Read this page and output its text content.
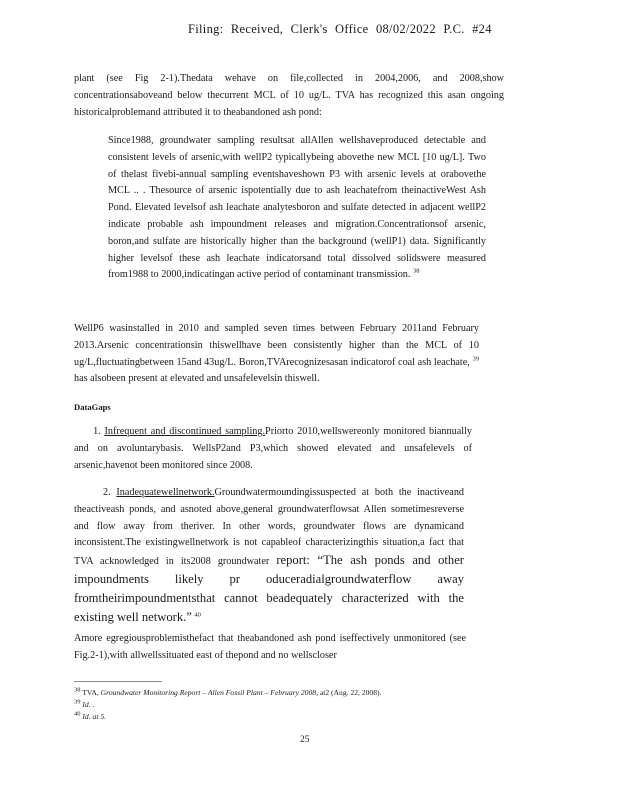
Filing: Received, Clerk's Office 08/02/2022 P.C. #24

plant (see Fig 2-1).Thedata wehave on file,collected in 2004,2006, and 2008,show concentrationsabovеand below thecurrent MCL of 10 ug/L. TVA has recognized this asan ongoing historicalproblemand attributed it to theabandoned ash pond:

Since1988, groundwater sampling resultsat allAllen wellshaveproduced detectable and consistent levels of arsenic,with wellP2 typicallybeing abovethe new MCL [10 ug/L]. Two of thelast fivebi-annual sampling eventshaveshown P3 with arsenic levels at orabovethe MCL .. . Thesource of arsenic ispotentially due to ash leachatefrom theinactiveWest Ash Pond. Elevated levelsof ash leachate analytesboron and sulfate detected in adjacent wellP2 indicate probable ash impoundment releases and migration.Concentrationsof arsenic, boron,and sulfate are historically higher than the background (wellP1) data. Significantly higher levelsof these ash leachate indicatorsand total dissolved solidswere measured from1988 to 2000,indicatingan active period of contaminant transmission. $^{38}$

WellP6 wasinstalled in 2010 and sampled seven times between February 2011and February 2013.Arsenic concentrationsin thiswellhave been consistently higher than the MCL of 10 ug/L,fluctuatingbetween 15and 43ug/L. Boron,TVArecognizesasan indicatorof coal ash leachate, $^{39}$ has alsobeen present at elevated and unsafelevelsin thiswell.

DataGaps

1. Infrequent and discontinued sampling.Priorto 2010,wellswereonly monitored biannually and on avoluntarybasis. WellsP2and P3,which showed elevated and unsafelevels of arsenic,havenot been monitored since 2008.

2. Inadequatewellnetwork.Groundwatermoundingissuspected at both the inactiveand theactiveash ponds, and asnoted above,general groundwaterflowsat Allen sometimesreverse and flow away from theriver. In other words, groundwater flows are dynamicand inconsistent.The existingwellnetwork is not capableof characterizingthis situation,a fact that TVA acknowledged in its2008 groundwater report: “The ash ponds and other impoundments likely pr oduceradialgroundwaterflow away fromtheirimpoundmentsthat cannot beadequately characterized with the existing well network.” $^{40}$

Amore egregiousproblemisthefact that theabandoned ash pond iseffectively unmonitored (see Fig.2-1),with allwellssituated east of thepond and no wellscloser

$^{38}$ TVA, Groundwater Monitoring Report – Allen Fossil Plant – February 2008, at2 (Aug. 22, 2008).
$^{39}$ Id. .
$^{40}$ Id. at 5.
25
